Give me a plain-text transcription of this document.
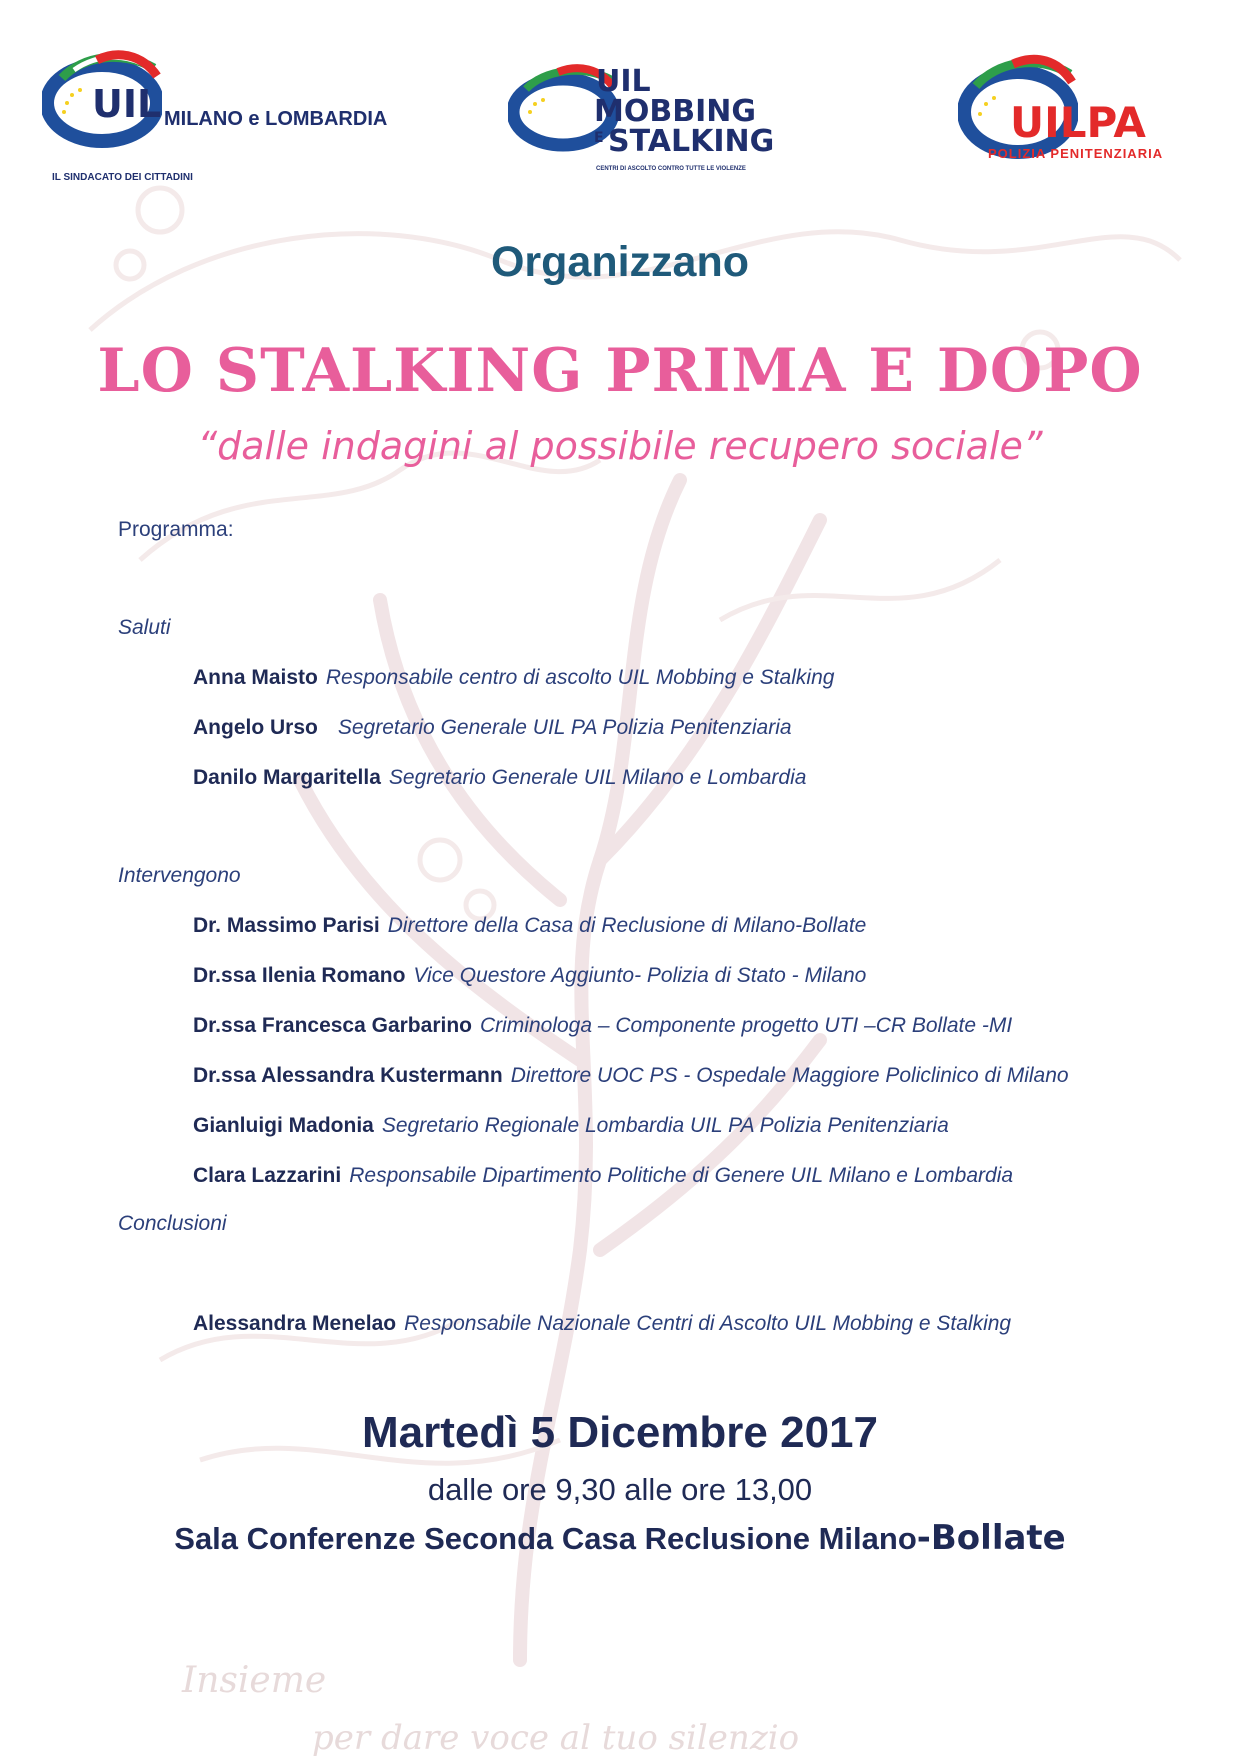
UIL MILANO e LOMBARDIA
IL SINDACATO DEI CITTADINI
UIL
MOBBING
E STALKING
CENTRI DI ASCOLTO CONTRO TUTTE LE VIOLENZE
UILPA
POLIZIA PENITENZIARIA
Organizzano
LO STALKING PRIMA E DOPO
“dalle indagini al possibile recupero sociale”
Programma:
Saluti
Anna Maisto Responsabile centro di ascolto UIL Mobbing e Stalking
Angelo Urso Segretario Generale UIL PA Polizia Penitenziaria
Danilo Margaritella Segretario Generale UIL Milano e Lombardia
Intervengono
Dr. Massimo Parisi Direttore della Casa di Reclusione di Milano-Bollate
Dr.ssa Ilenia Romano Vice Questore Aggiunto- Polizia di Stato - Milano
Dr.ssa Francesca Garbarino Criminologa – Componente progetto UTI –CR Bollate -MI
Dr.ssa Alessandra Kustermann Direttore UOC PS - Ospedale Maggiore Policlinico di Milano
Gianluigi Madonia Segretario Regionale Lombardia UIL PA Polizia Penitenziaria
Clara Lazzarini Responsabile Dipartimento Politiche di Genere UIL Milano e Lombardia
Conclusioni
Alessandra Menelao Responsabile Nazionale Centri di Ascolto UIL Mobbing e Stalking
Martedì 5 Dicembre 2017
dalle ore 9,30 alle ore 13,00
Sala Conferenze Seconda Casa Reclusione Milano-Bollate
Insieme
per dare voce al tuo silenzio
